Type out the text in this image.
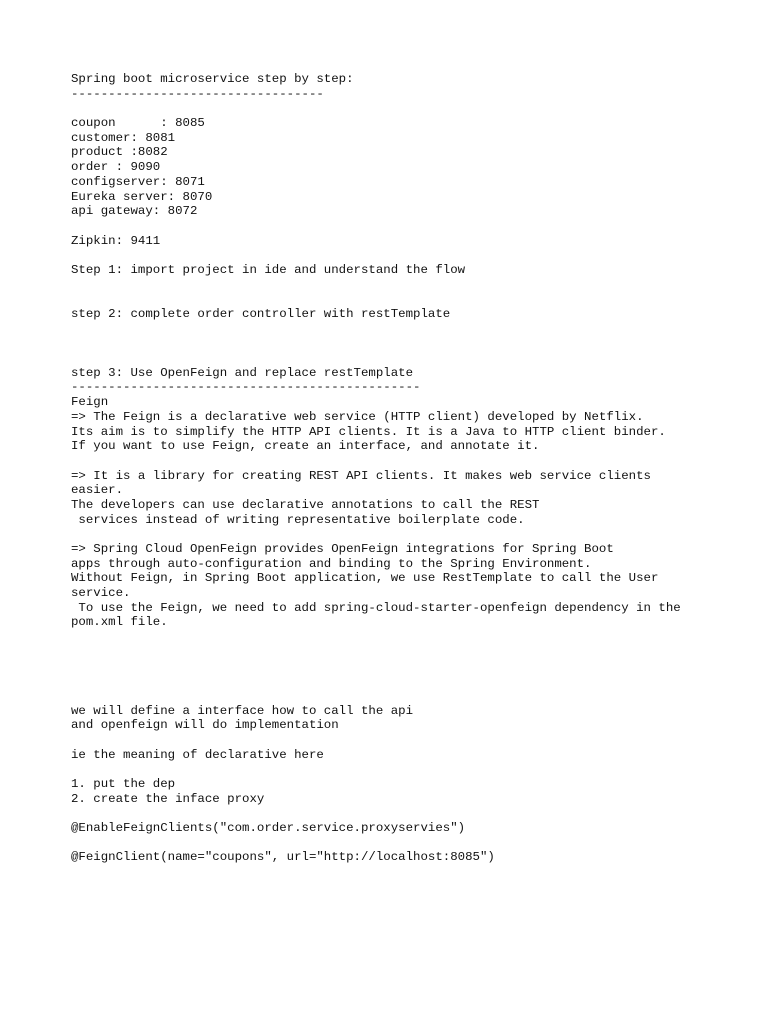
Spring boot microservice step by step:
----------------------------------
coupon      : 8085
customer: 8081
product :8082
order : 9090
configserver: 8071
Eureka server: 8070
api gateway: 8072
Zipkin: 9411
Step 1: import project in ide and understand the flow
step 2: complete order controller with restTemplate
step 3: Use OpenFeign and replace restTemplate
-----------------------------------------------
Feign
=> The Feign is a declarative web service (HTTP client) developed by Netflix.
Its aim is to simplify the HTTP API clients. It is a Java to HTTP client binder.
If you want to use Feign, create an interface, and annotate it.
=> It is a library for creating REST API clients. It makes web service clients
easier.
The developers can use declarative annotations to call the REST
services instead of writing representative boilerplate code.
=> Spring Cloud OpenFeign provides OpenFeign integrations for Spring Boot
apps through auto-configuration and binding to the Spring Environment.
Without Feign, in Spring Boot application, we use RestTemplate to call the User
service.
To use the Feign, we need to add spring-cloud-starter-openfeign dependency in the
pom.xml file.
we will define a interface how to call the api
and openfeign will do implementation
ie the meaning of declarative here
1. put the dep
2. create the inface proxy
@EnableFeignClients("com.order.service.proxyservies")
@FeignClient(name="coupons", url="http://localhost:8085")
